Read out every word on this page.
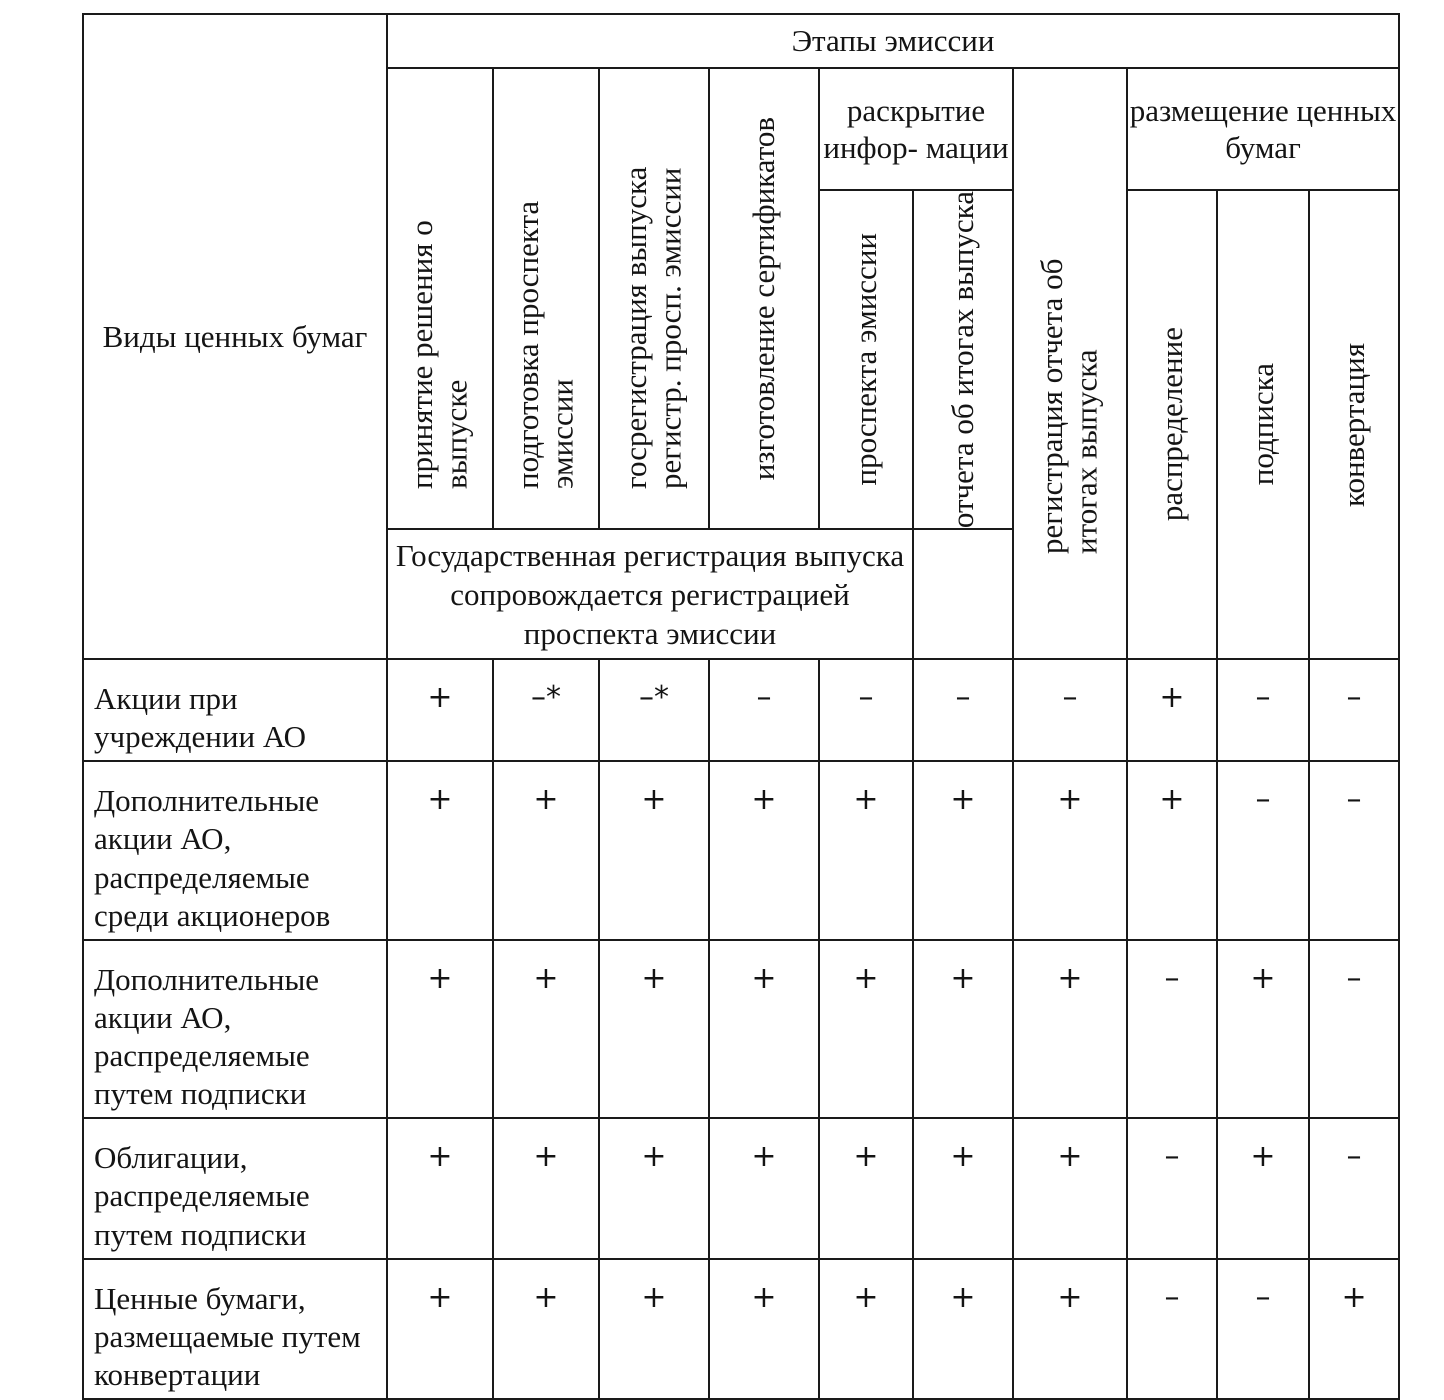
Виды ценных бумаг	Этапы эмиссии									

	принятие решения о выпуске	подготовка проспекта эмиссии	госрегистрация выпуска регистр. просп. эмиссии	изготовление сертификатов	раскрытие инфор- мации		регистрация отчета об итогах выпуска	размещение ценных бумаг		

					проспекта эмиссии	отчета об итогах выпуска		распределение	подписка	конвертация

	Государственная регистрация выпуска сопровождается регистрацией проспекта эмиссии									

Акции при учреждении АО	+	–*	–*	–	–	–	–	+	–	–
Дополнительные акции АО, распределяемые среди акционеров	+	+	+	+	+	+	+	+	–	–
Дополнительные акции АО, распределяемые путем подписки	+	+	+	+	+	+	+	–	+	–
Облигации, распределяемые путем подписки	+	+	+	+	+	+	+	–	+	–
Ценные бумаги, размещаемые путем конвертации	+	+	+	+	+	+	+	–	–	+
